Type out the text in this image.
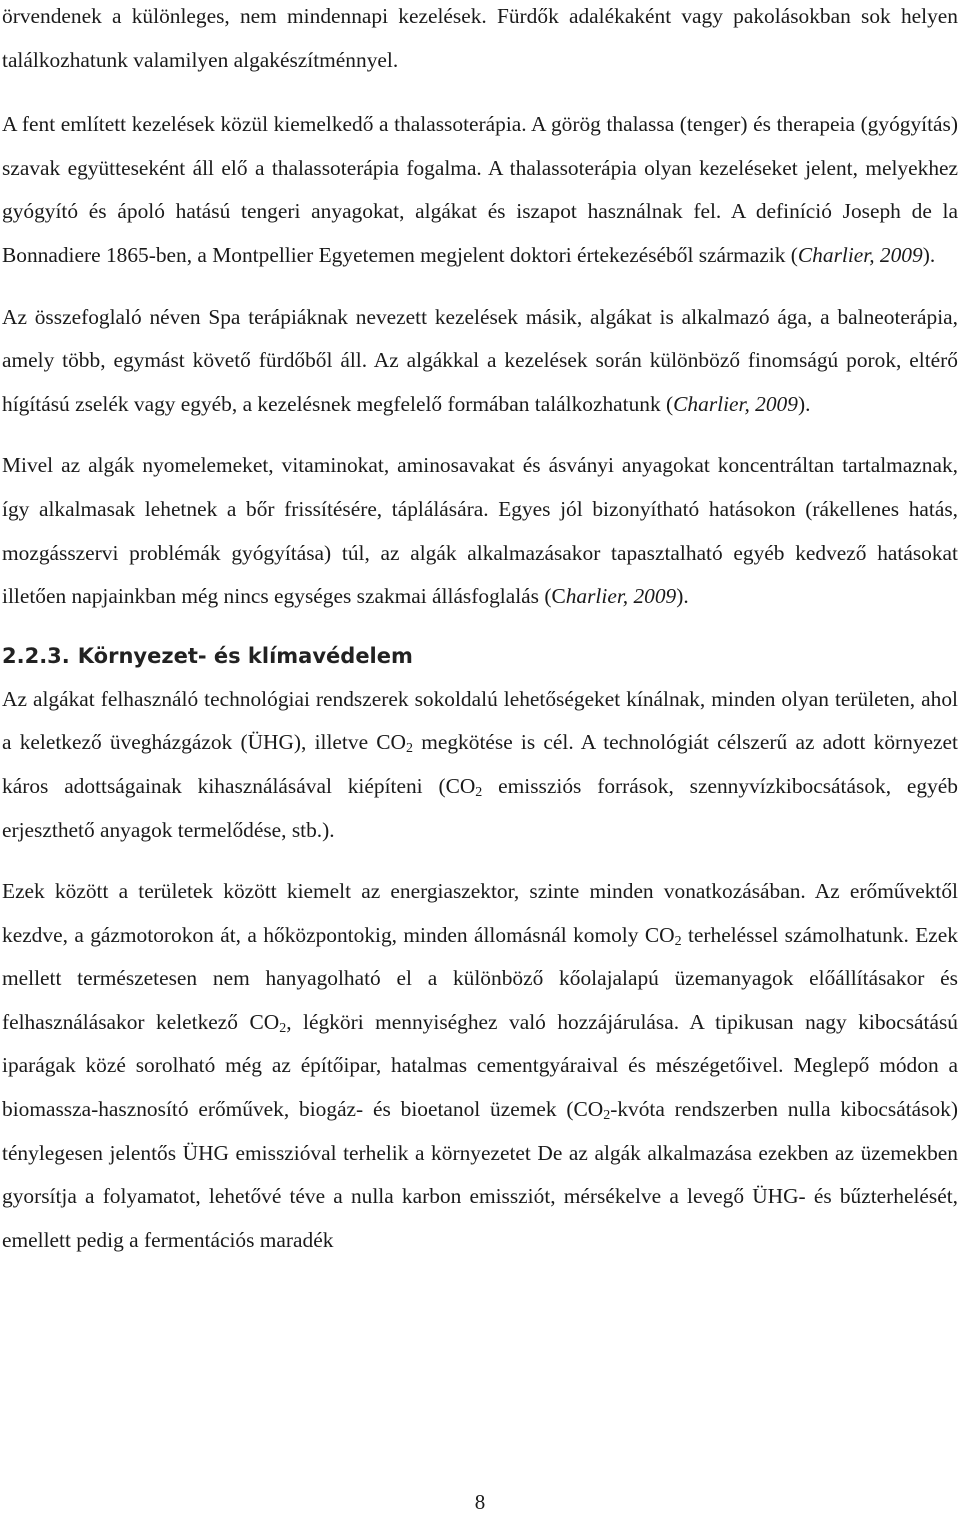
örvendenek a különleges, nem mindennapi kezelések. Fürdők adalékaként vagy pakolásokban sok helyen találkozhatunk valamilyen algakészítménnyel.

A fent említett kezelések közül kiemelkedő a thalassoterápia. A görög thalassa (tenger) és therapeia (gyógyítás) szavak együtteseként áll elő a thalassoterápia fogalma. A thalassoterápia olyan kezeléseket jelent, melyekhez gyógyító és ápoló hatású tengeri anyagokat, algákat és iszapot használnak fel. A definíció Joseph de la Bonnadiere 1865-ben, a Montpellier Egyetemen megjelent doktori értekezéséből származik (Charlier, 2009).

Az összefoglaló néven Spa terápiáknak nevezett kezelések másik, algákat is alkalmazó ága, a balneoterápia, amely több, egymást követő fürdőből áll. Az algákkal a kezelések során különböző finomságú porok, eltérő hígítású zselék vagy egyéb, a kezelésnek megfelelő formában találkozhatunk (Charlier, 2009).

Mivel az algák nyomelemeket, vitaminokat, aminosavakat és ásványi anyagokat koncentráltan tartalmaznak, így alkalmasak lehetnek a bőr frissítésére, táplálására. Egyes jól bizonyítható hatásokon (rákellenes hatás, mozgásszervi problémák gyógyítása) túl, az algák alkalmazásakor tapasztalható egyéb kedvező hatásokat illetően napjainkban még nincs egységes szakmai állásfoglalás (Charlier, 2009).

2.2.3. Környezet- és klímavédelem

Az algákat felhasználó technológiai rendszerek sokoldalú lehetőségeket kínálnak, minden olyan területen, ahol a keletkező üvegházgázok (ÜHG), illetve $CO_2$ megkötése is cél. A technológiát célszerű az adott környezet káros adottságainak kihasználásával kiépíteni ($CO_2$ emissziós források, szennyvízkibocsátások, egyéb erjeszthető anyagok termelődése, stb.).

Ezek között a területek között kiemelt az energiaszektor, szinte minden vonatkozásában. Az erőművektől kezdve, a gázmotorokon át, a hőközpontokig, minden állomásnál komoly $CO_2$ terheléssel számolhatunk. Ezek mellett természetesen nem hanyagolható el a különböző kőolajalapú üzemanyagok előállításakor és felhasználásakor keletkező $CO_2$, légköri mennyiséghez való hozzájárulása. A tipikusan nagy kibocsátású iparágak közé sorolható még az építőipar, hatalmas cementgyáraival és mészégetőivel. Meglepő módon a biomassza-hasznosító erőművek, biogáz- és bioetanol üzemek ($CO_2$-kvóta rendszerben nulla kibocsátások) ténylegesen jelentős ÜHG emisszióval terhelik a környezetet De az algák alkalmazása ezekben az üzemekben gyorsítja a folyamatot, lehetővé téve a nulla karbon emissziót, mérsékelve a levegő ÜHG- és bűzterhelését, emellett pedig a fermentációs maradék

8
